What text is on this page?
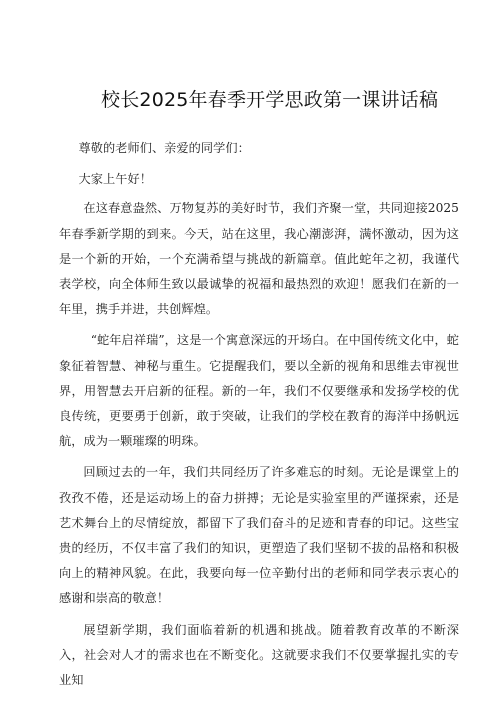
校长2025年春季开学思政第一课讲话稿

尊敬的老师们、亲爱的同学们：

大家上午好！

在这春意盎然、万物复苏的美好时节，我们齐聚一堂，共同迎接2025年春季新学期的到来。今天，站在这里，我心潮澎湃，满怀激动，因为这是一个新的开始，一个充满希望与挑战的新篇章。值此蛇年之初，我谨代表学校，向全体师生致以最诚挚的祝福和最热烈的欢迎！愿我们在新的一年里，携手并进，共创辉煌。

“蛇年启祥瑞”，这是一个寓意深远的开场白。在中国传统文化中，蛇象征着智慧、神秘与重生。它提醒我们，要以全新的视角和思维去审视世界，用智慧去开启新的征程。新的一年，我们不仅要继承和发扬学校的优良传统，更要勇于创新，敢于突破，让我们的学校在教育的海洋中扬帆远航，成为一颗璀璨的明珠。

回顾过去的一年，我们共同经历了许多难忘的时刻。无论是课堂上的孜孜不倦，还是运动场上的奋力拼搏；无论是实验室里的严谨探索，还是艺术舞台上的尽情绽放，都留下了我们奋斗的足迹和青春的印记。这些宝贵的经历，不仅丰富了我们的知识，更塑造了我们坚韧不拔的品格和积极向上的精神风貌。在此，我要向每一位辛勤付出的老师和同学表示衷心的感谢和崇高的敬意！

展望新学期，我们面临着新的机遇和挑战。随着教育改革的不断深入，社会对人才的需求也在不断变化。这就要求我们不仅要掌握扎实的专业知
